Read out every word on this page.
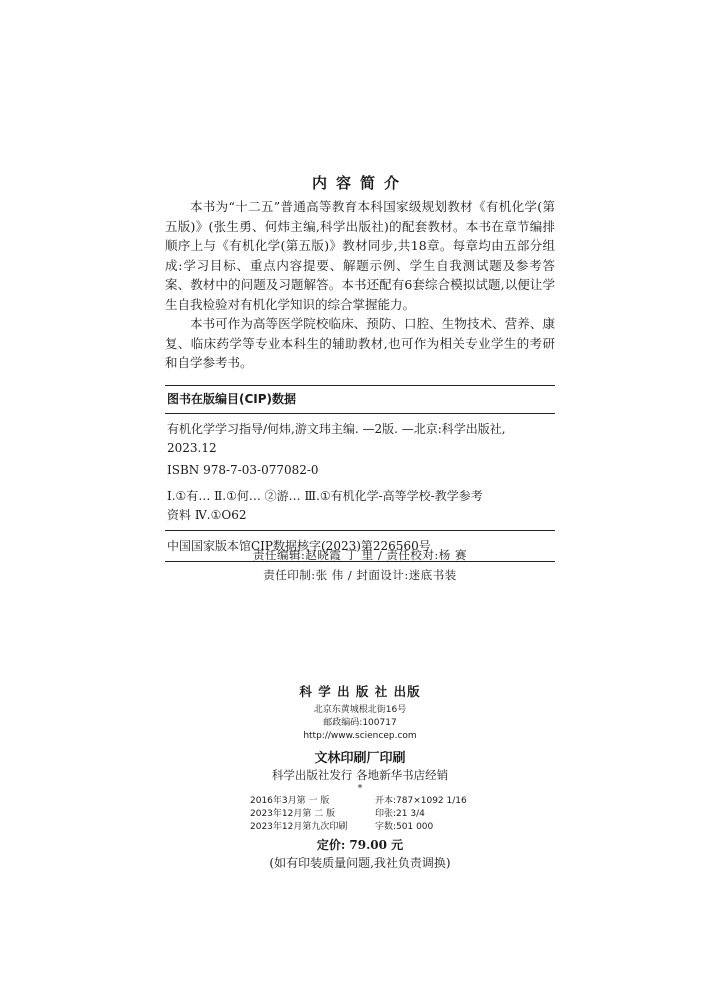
内容简介

本书为“十二五”普通高等教育本科国家级规划教材《有机化学(第五版)》(张生勇、何炜主编,科学出版社)的配套教材。本书在章节编排顺序上与《有机化学(第五版)》教材同步,共18章。每章均由五部分组成:学习目标、重点内容提要、解题示例、学生自我测试题及参考答案、教材中的问题及习题解答。本书还配有6套综合模拟试题,以便让学生自我检验对有机化学知识的综合掌握能力。

本书可作为高等医学院校临床、预防、口腔、生物技术、营养、康复、临床药学等专业本科生的辅助教材,也可作为相关专业学生的考研和自学参考书。

图书在版编目(CIP)数据
有机化学学习指导/何炜,游文玮主编. —2版. —北京:科学出版社,
2023.12
ISBN 978-7-03-077082-0
Ⅰ.①有… Ⅱ.①何… ②游… Ⅲ.①有机化学-高等学校-教学参考
资料 Ⅳ.①O62
中国国家版本馆CIP数据核字(2023)第226560号
责任编辑:赵晓霞 丁 里 / 责任校对:杨 赛
责任印制:张 伟 / 封面设计:迷底书装
科 学 出 版 社 出版
北京东黄城根北街16号
邮政编码:100717
http://www.sciencep.com
文林印刷厂印刷
科学出版社发行 各地新华书店经销
*
2016年3月第 一 版	开本:787×1092 1/16
2023年12月第 二 版	印张:21 3/4
2023年12月第九次印刷	字数:501 000
定价: 79.00 元
(如有印装质量问题,我社负责调换)
